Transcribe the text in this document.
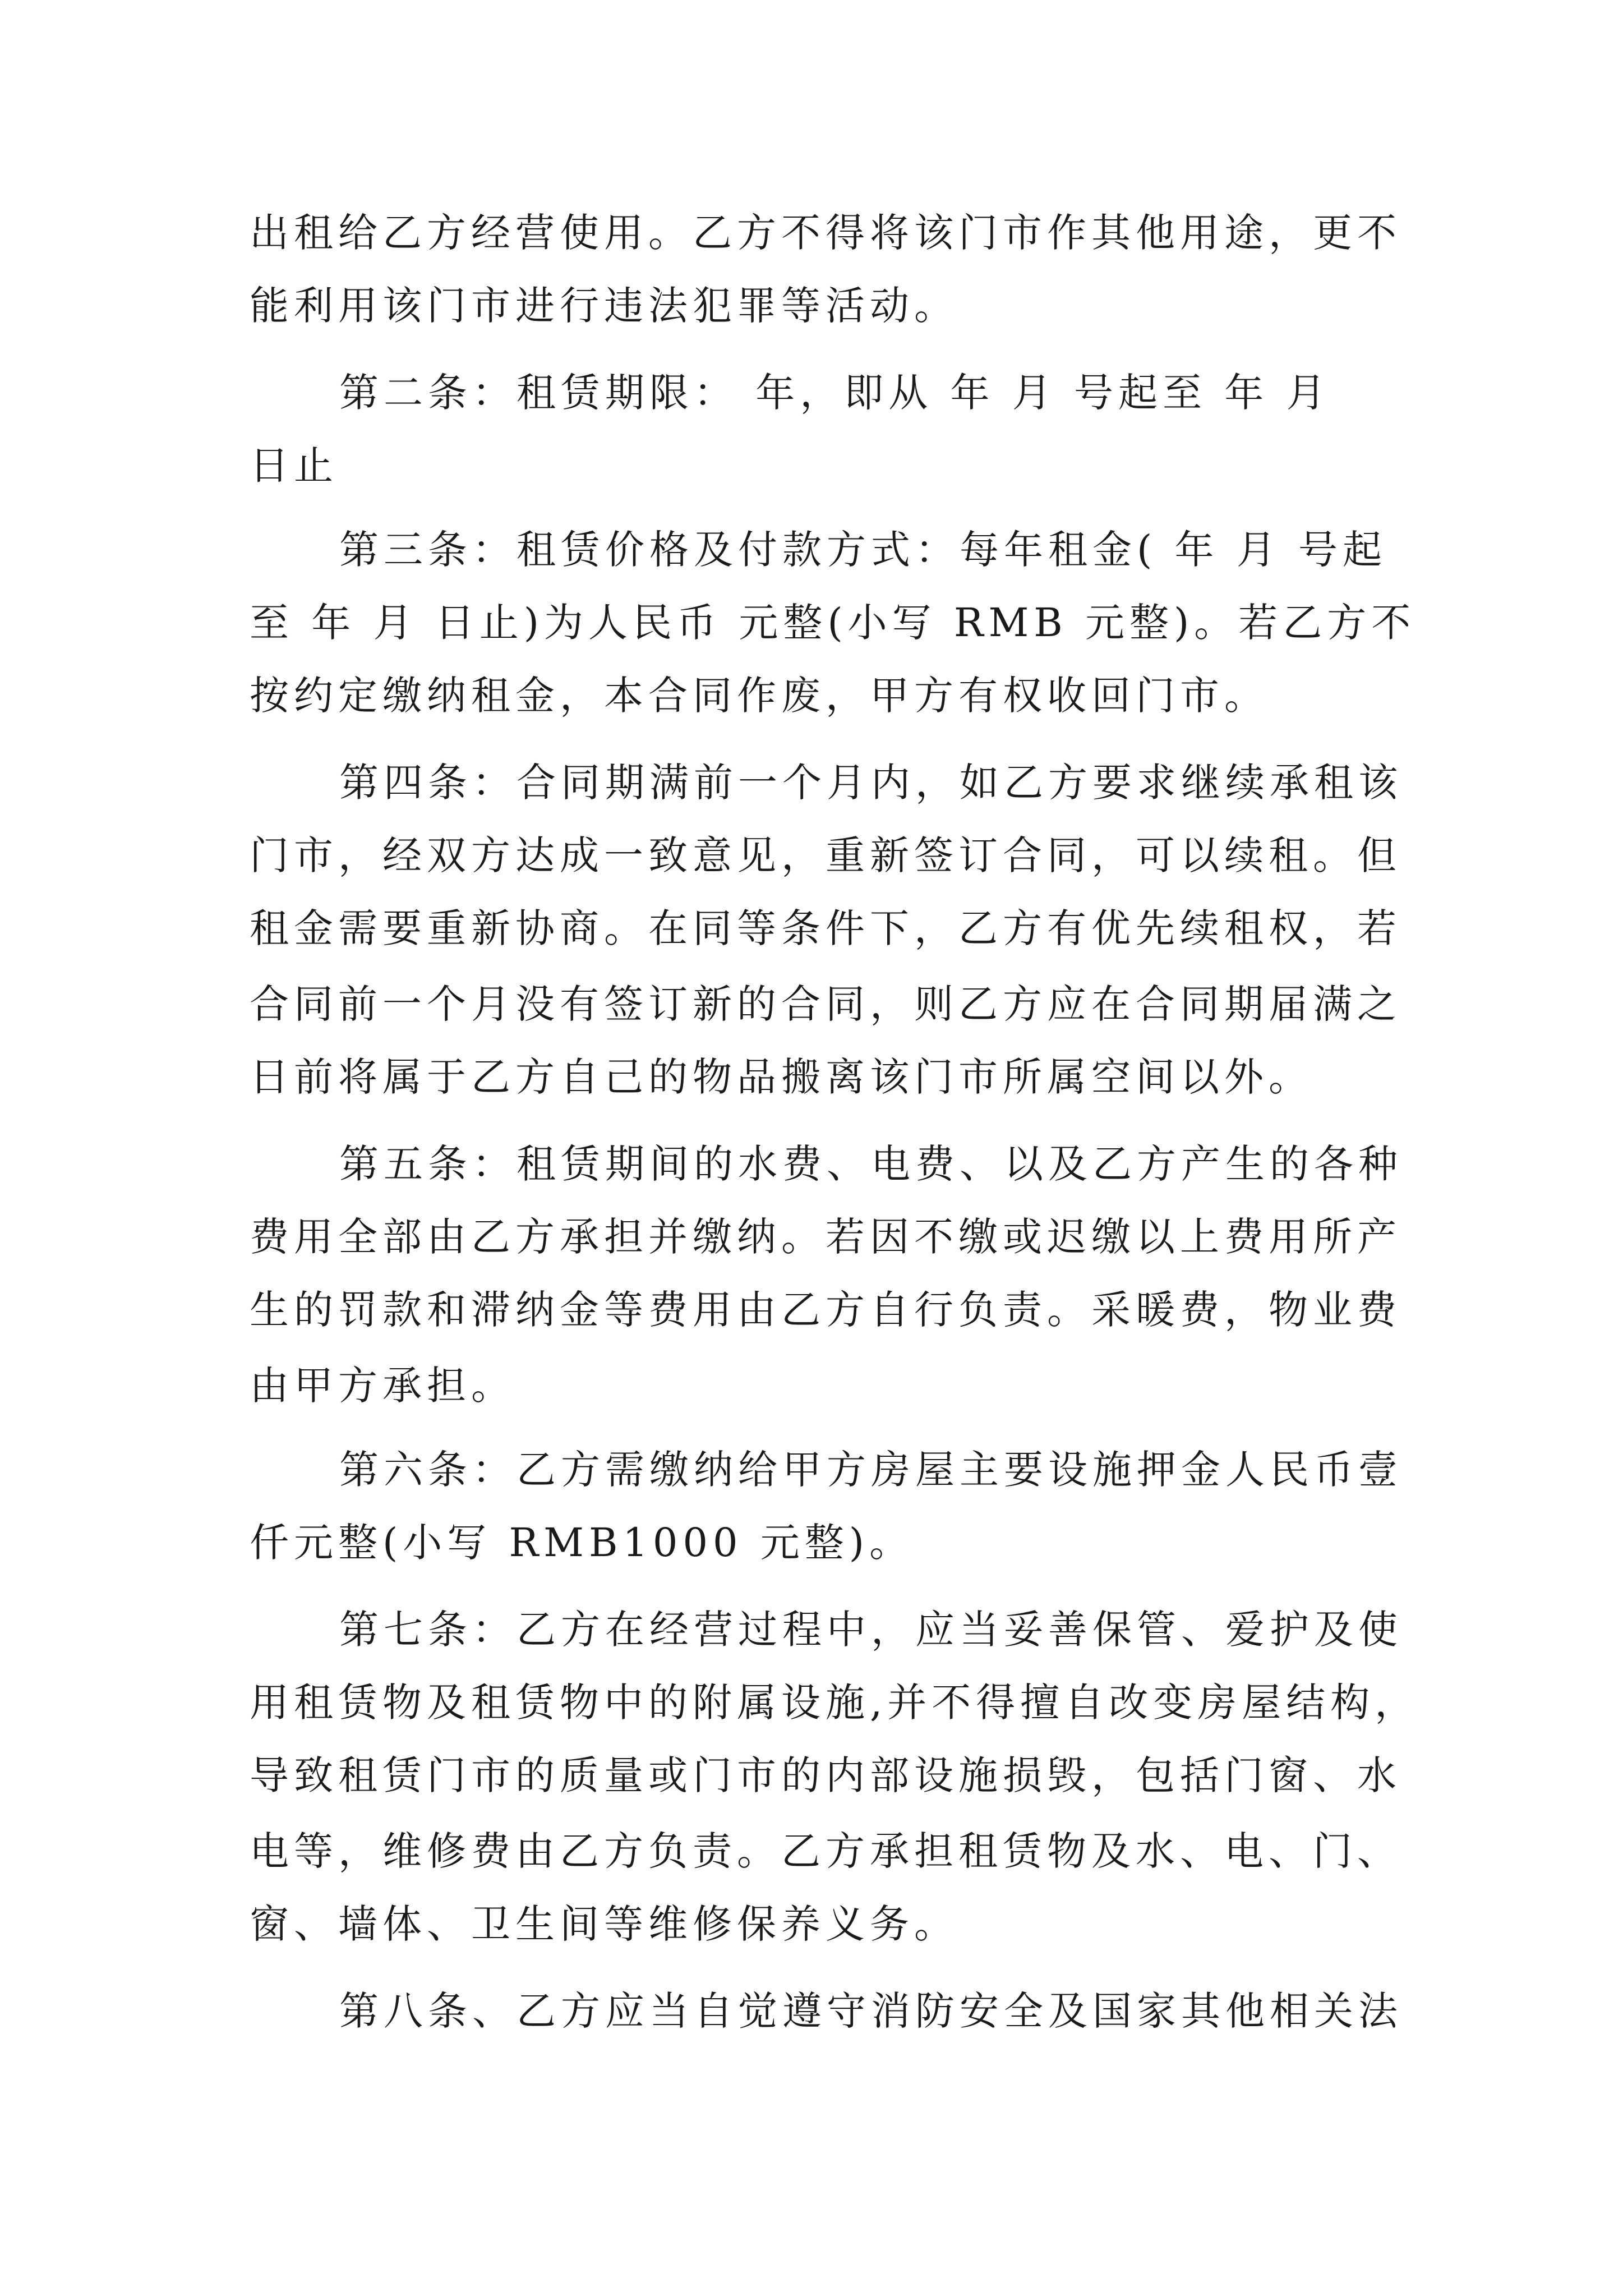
出租给乙方经营使用。乙方不得将该门市作其他用途，更不
能利用该门市进行违法犯罪等活动。
第二条：租赁期限： 年，即从 年 月 号起至 年 月
日止
第三条：租赁价格及付款方式：每年租金( 年 月 号起
至 年 月 日止)为人民币 元整(小写 RMB 元整)。若乙方不
按约定缴纳租金，本合同作废，甲方有权收回门市。
第四条：合同期满前一个月内，如乙方要求继续承租该
门市，经双方达成一致意见，重新签订合同，可以续租。但
租金需要重新协商。在同等条件下，乙方有优先续租权，若
合同前一个月没有签订新的合同，则乙方应在合同期届满之
日前将属于乙方自己的物品搬离该门市所属空间以外。
第五条：租赁期间的水费、电费、以及乙方产生的各种
费用全部由乙方承担并缴纳。若因不缴或迟缴以上费用所产
生的罚款和滞纳金等费用由乙方自行负责。采暖费，物业费
由甲方承担。
第六条：乙方需缴纳给甲方房屋主要设施押金人民币壹
仟元整(小写 RMB1000 元整)。
第七条：乙方在经营过程中，应当妥善保管、爱护及使
用租赁物及租赁物中的附属设施,并不得擅自改变房屋结构，
导致租赁门市的质量或门市的内部设施损毁，包括门窗、水
电等，维修费由乙方负责。乙方承担租赁物及水、电、门、
窗、墙体、卫生间等维修保养义务。
第八条、乙方应当自觉遵守消防安全及国家其他相关法
